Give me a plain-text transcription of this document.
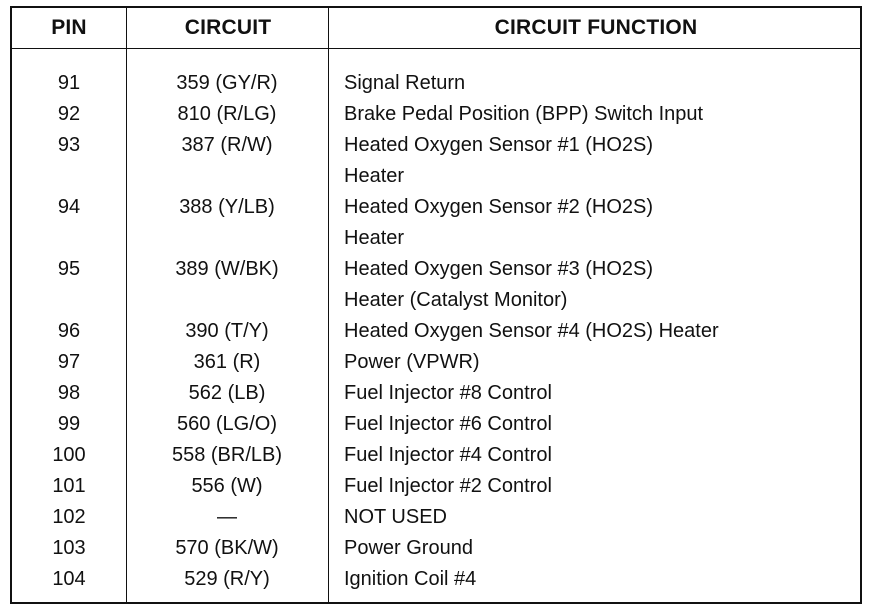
PIN	CIRCUIT	CIRCUIT FUNCTION
91	359 (GY/R)	Signal Return
92	810 (R/LG)	Brake Pedal Position (BPP) Switch Input
93	387 (R/W)	Heated Oxygen Sensor #1 (HO2S)
Heater
94	388 (Y/LB)	Heated Oxygen Sensor #2 (HO2S)
Heater
95	389 (W/BK)	Heated Oxygen Sensor #3 (HO2S)
Heater (Catalyst Monitor)
96	390 (T/Y)	Heated Oxygen Sensor #4 (HO2S) Heater
97	361 (R)	Power (VPWR)
98	562 (LB)	Fuel Injector #8 Control
99	560 (LG/O)	Fuel Injector #6 Control
100	558 (BR/LB)	Fuel Injector #4 Control
101	556 (W)	Fuel Injector #2 Control
102	—	NOT USED
103	570 (BK/W)	Power Ground
104	529 (R/Y)	Ignition Coil #4
